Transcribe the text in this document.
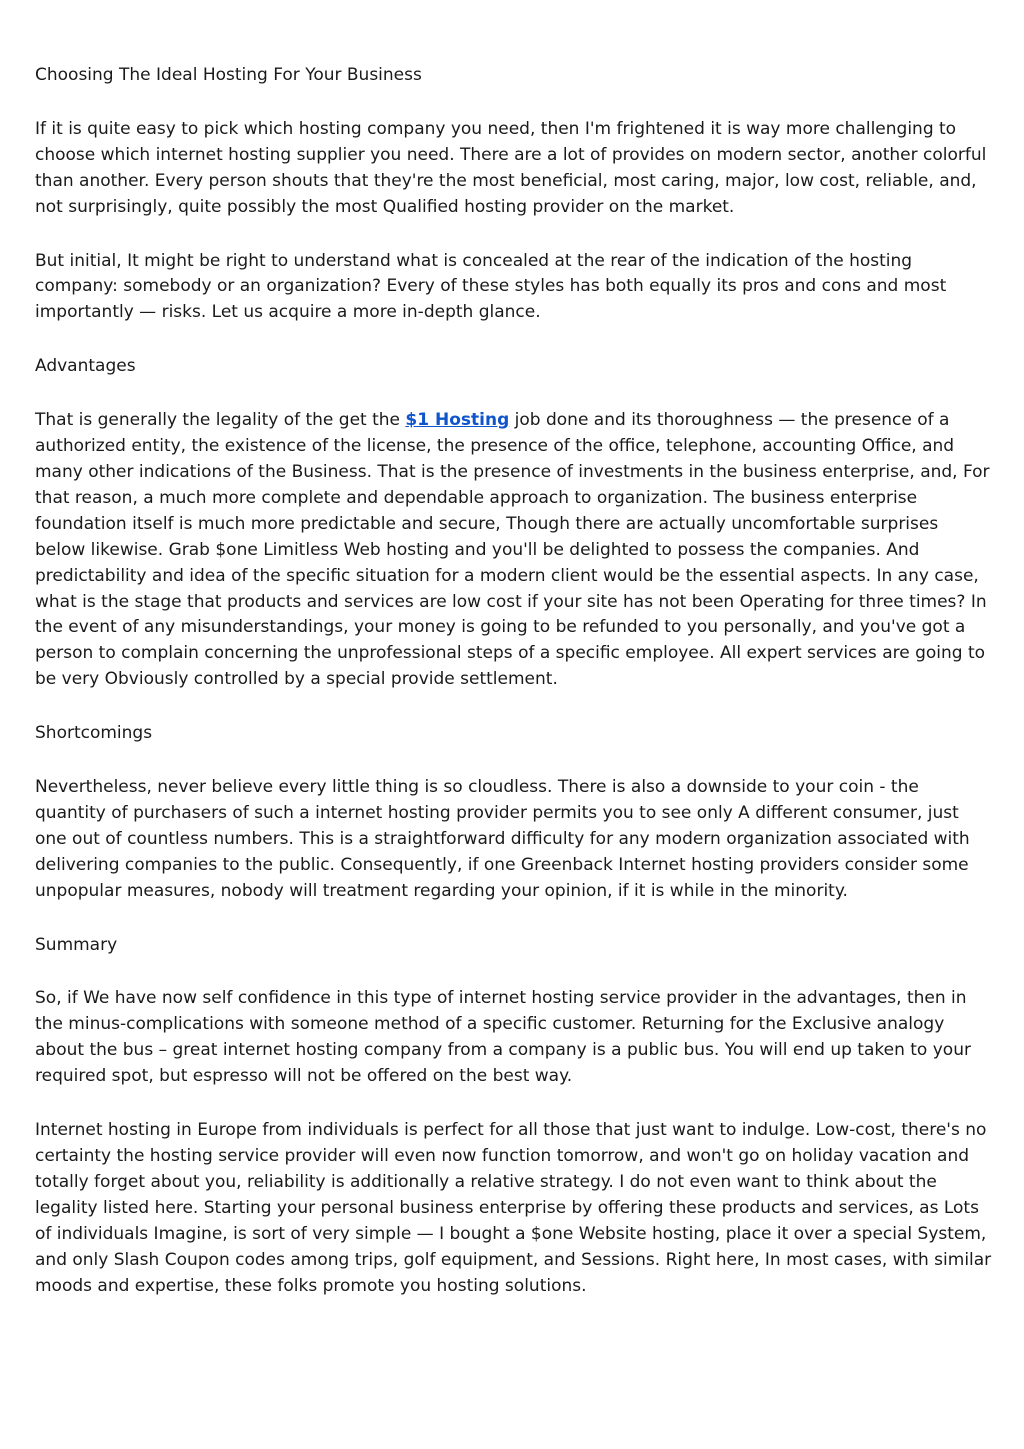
Choosing The Ideal Hosting For Your Business

If it is quite easy to pick which hosting company you need, then I'm frightened it is way more challenging to choose which internet hosting supplier you need. There are a lot of provides on modern sector, another colorful than another. Every person shouts that they're the most beneficial, most caring, major, low cost, reliable, and, not surprisingly, quite possibly the most Qualified hosting provider on the market.

But initial, It might be right to understand what is concealed at the rear of the indication of the hosting company: somebody or an organization? Every of these styles has both equally its pros and cons and most importantly — risks. Let us acquire a more in-depth glance.

Advantages

That is generally the legality of the get the $1 Hosting job done and its thoroughness — the presence of a authorized entity, the existence of the license, the presence of the office, telephone, accounting Office, and many other indications of the Business. That is the presence of investments in the business enterprise, and, For that reason, a much more complete and dependable approach to organization. The business enterprise foundation itself is much more predictable and secure, Though there are actually uncomfortable surprises below likewise. Grab $one Limitless Web hosting and you'll be delighted to possess the companies. And predictability and idea of the specific situation for a modern client would be the essential aspects. In any case, what is the stage that products and services are low cost if your site has not been Operating for three times? In the event of any misunderstandings, your money is going to be refunded to you personally, and you've got a person to complain concerning the unprofessional steps of a specific employee. All expert services are going to be very Obviously controlled by a special provide settlement.

Shortcomings

Nevertheless, never believe every little thing is so cloudless. There is also a downside to your coin - the quantity of purchasers of such a internet hosting provider permits you to see only A different consumer, just one out of countless numbers. This is a straightforward difficulty for any modern organization associated with delivering companies to the public. Consequently, if one Greenback Internet hosting providers consider some unpopular measures, nobody will treatment regarding your opinion, if it is while in the minority.

Summary

So, if We have now self confidence in this type of internet hosting service provider in the advantages, then in the minus-complications with someone method of a specific customer. Returning for the Exclusive analogy about the bus – great internet hosting company from a company is a public bus. You will end up taken to your required spot, but espresso will not be offered on the best way.

Internet hosting in Europe from individuals is perfect for all those that just want to indulge. Low-cost, there's no certainty the hosting service provider will even now function tomorrow, and won't go on holiday vacation and totally forget about you, reliability is additionally a relative strategy. I do not even want to think about the legality listed here. Starting your personal business enterprise by offering these products and services, as Lots of individuals Imagine, is sort of very simple — I bought a $one Website hosting, place it over a special System, and only Slash Coupon codes among trips, golf equipment, and Sessions. Right here, In most cases, with similar moods and expertise, these folks promote you hosting solutions.
